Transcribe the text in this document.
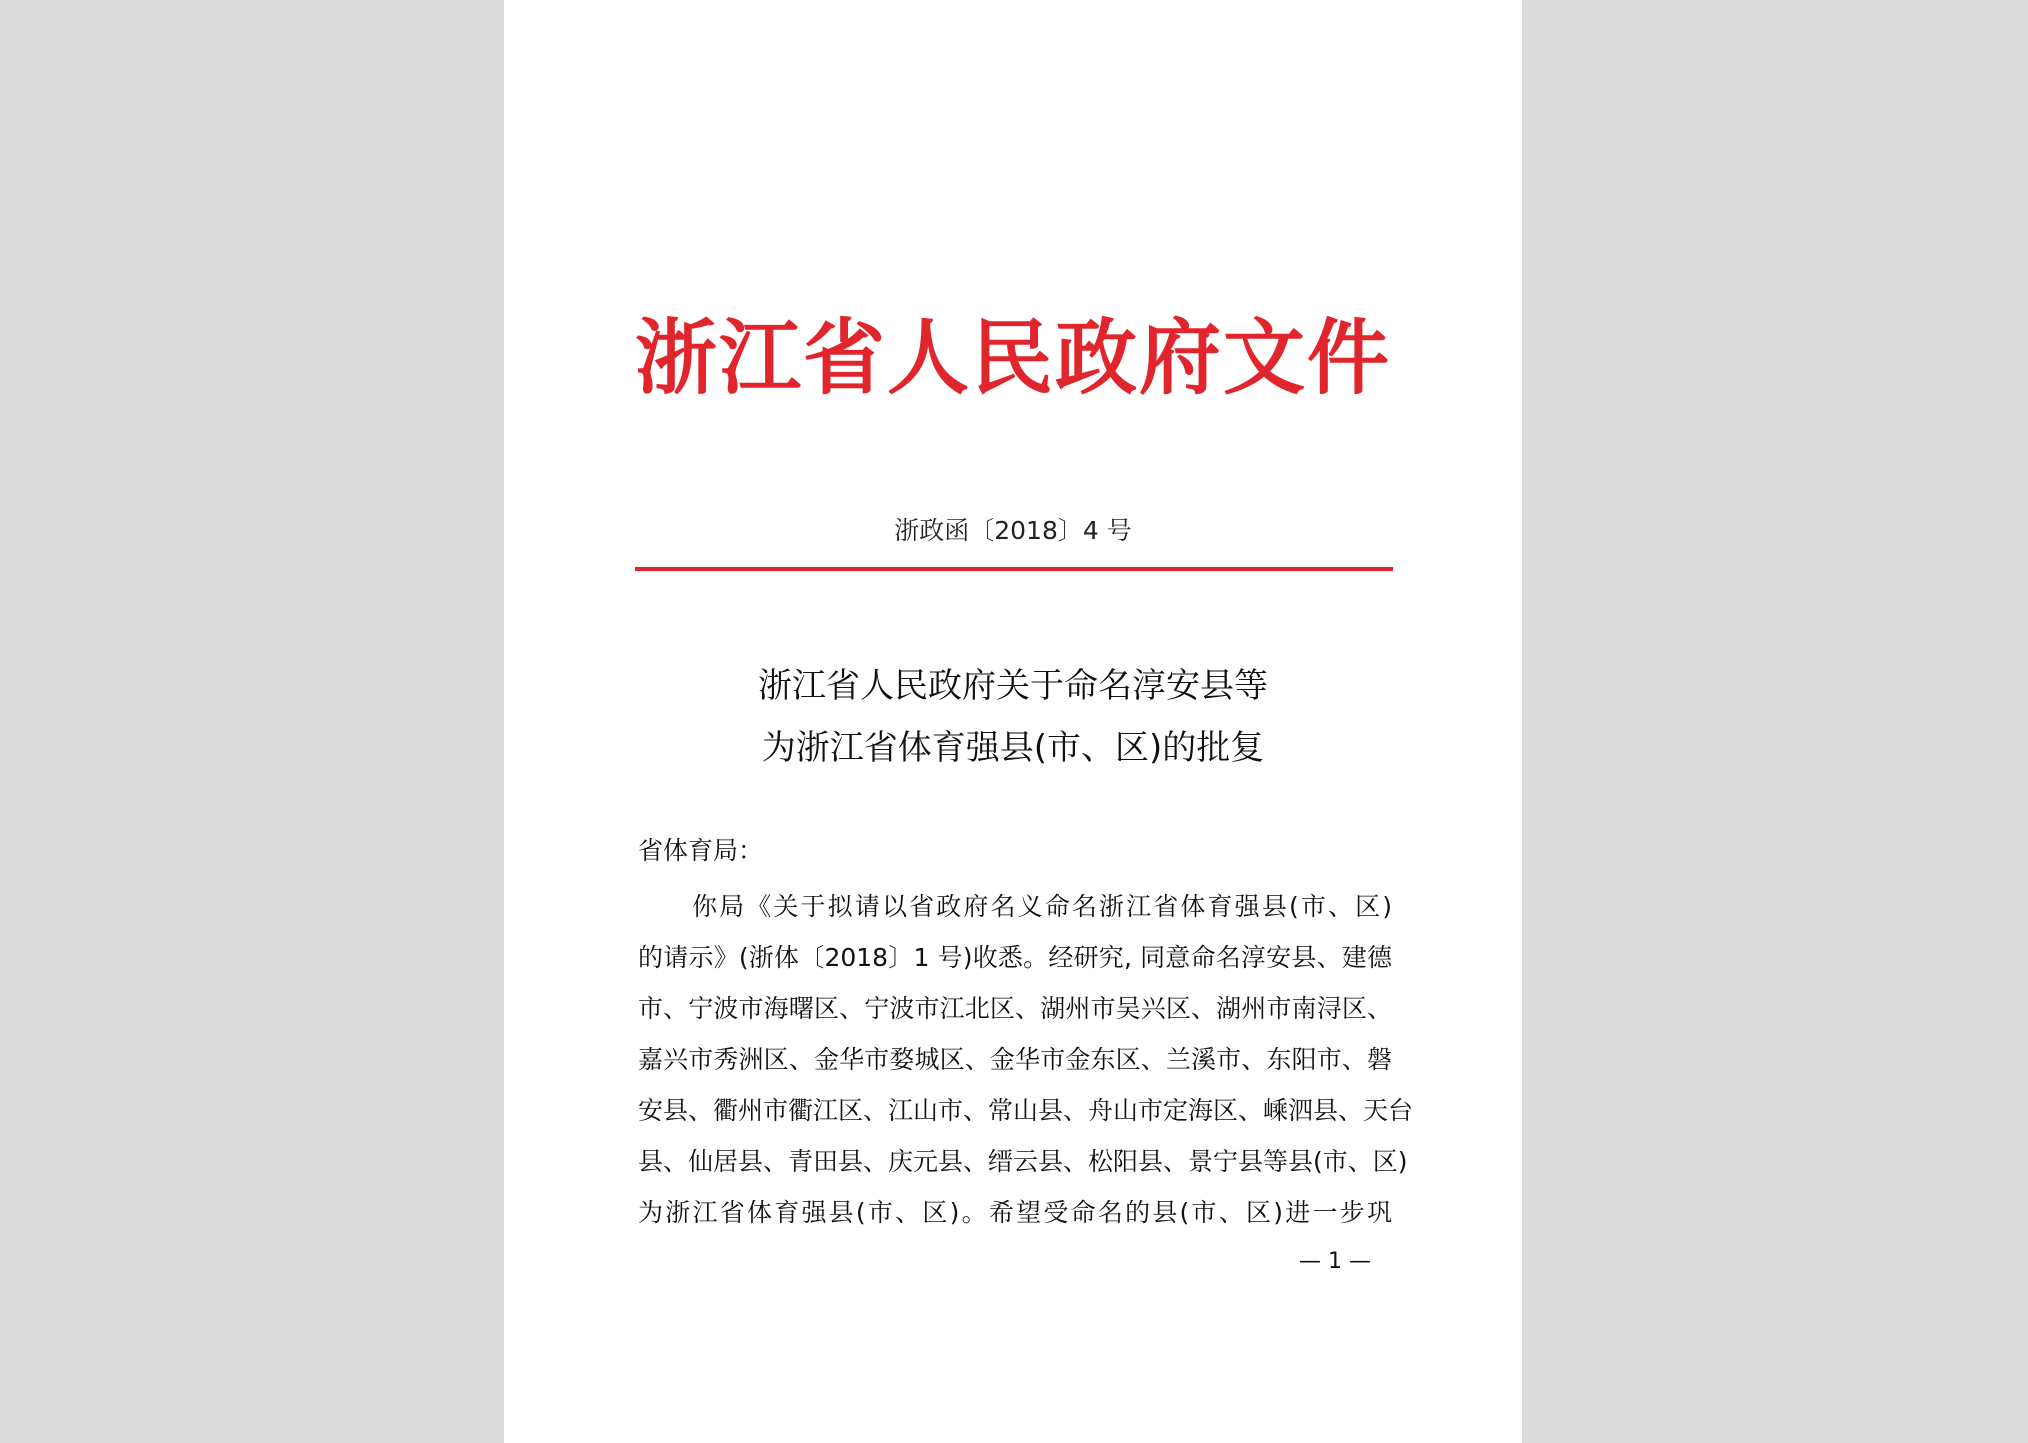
浙江省人民政府文件
浙政函〔2018〕4 号
浙江省人民政府关于命名淳安县等
为浙江省体育强县(市、区)的批复
省体育局：
你局《关于拟请以省政府名义命名浙江省体育强县(市、区)
的请示》(浙体〔2018〕1 号)收悉。经研究, 同意命名淳安县、建德
市、宁波市海曙区、宁波市江北区、湖州市吴兴区、湖州市南浔区、
嘉兴市秀洲区、金华市婺城区、金华市金东区、兰溪市、东阳市、磐
安县、衢州市衢江区、江山市、常山县、舟山市定海区、嵊泗县、天台
县、仙居县、青田县、庆元县、缙云县、松阳县、景宁县等县(市、区)
为浙江省体育强县(市、区)。希望受命名的县(市、区)进一步巩
— 1 —
